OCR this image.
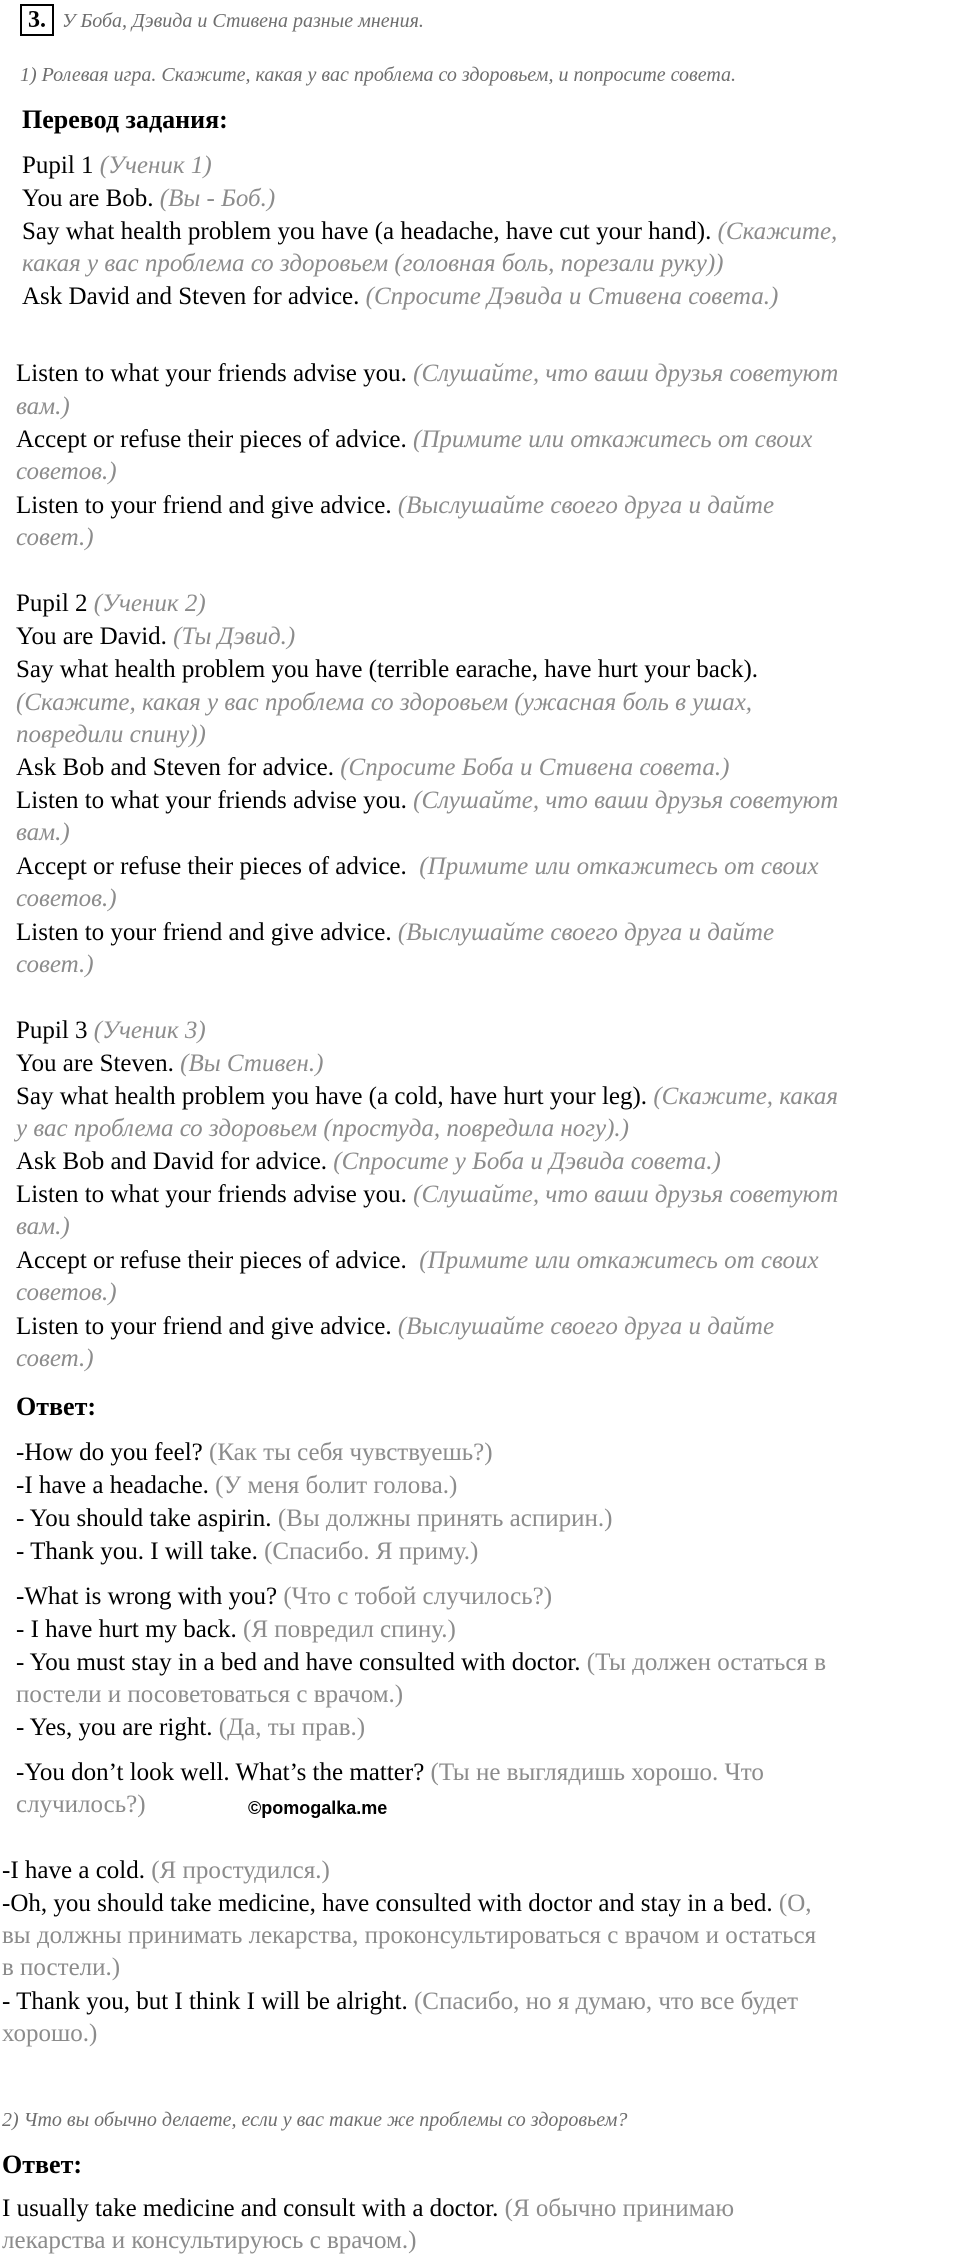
3. У Боба, Дэвида и Стивена разные мнения.
1) Ролевая игра. Скажите, какая у вас проблема со здоровьем, и попросите совета.
Перевод задания:
Pupil 1 (Ученик 1)
You are Bob. (Вы - Боб.)
Say what health problem you have (a headache, have cut your hand). (Скажите,
какая у вас проблема со здоровьем (головная боль, порезали руку))
Ask David and Steven for advice. (Спросите Дэвида и Стивена совета.)
Listen to what your friends advise you. (Слушайте, что ваши друзья советуют
вам.)
Accept or refuse their pieces of advice. (Примите или откажитесь от своих
советов.)
Listen to your friend and give advice. (Выслушайте своего друга и дайте
совет.)
Pupil 2 (Ученик 2)
You are David. (Ты Дэвид.)
Say what health problem you have (terrible earache, have hurt your back).
(Скажите, какая у вас проблема со здоровьем (ужасная боль в ушах,
повредили спину))
Ask Bob and Steven for advice. (Спросите Боба и Стивена совета.)
Listen to what your friends advise you. (Слушайте, что ваши друзья советуют
вам.)
Accept or refuse their pieces of advice. (Примите или откажитесь от своих
советов.)
Listen to your friend and give advice. (Выслушайте своего друга и дайте
совет.)
Pupil 3 (Ученик 3)
You are Steven. (Вы Стивен.)
Say what health problem you have (a cold, have hurt your leg). (Скажите, какая
у вас проблема со здоровьем (простуда, повредила ногу).)
Ask Bob and David for advice. (Спросите у Боба и Дэвида совета.)
Listen to what your friends advise you. (Слушайте, что ваши друзья советуют
вам.)
Accept or refuse their pieces of advice. (Примите или откажитесь от своих
советов.)
Listen to your friend and give advice. (Выслушайте своего друга и дайте
совет.)
Ответ:
-How do you feel? (Как ты себя чувствуешь?)
-I have a headache. (У меня болит голова.)
- You should take aspirin. (Вы должны принять аспирин.)
- Thank you. I will take. (Спасибо. Я приму.)
-What is wrong with you? (Что с тобой случилось?)
- I have hurt my back. (Я повредил спину.)
- You must stay in a bed and have consulted with doctor. (Ты должен остаться в
постели и посоветоваться с врачом.)
- Yes, you are right. (Да, ты прав.)
-You don’t look well. What’s the matter? (Ты не выглядишь хорошо. Что
случилось?)	©pomogalka.me
-I have a cold. (Я простудился.)
-Oh, you should take medicine, have consulted with doctor and stay in a bed. (О,
вы должны принимать лекарства, проконсультироваться с врачом и остаться
в постели.)
- Thank you, but I think I will be alright. (Спасибо, но я думаю, что все будет
хорошо.)
2) Что вы обычно делаете, если у вас такие же проблемы со здоровьем?
Ответ:
I usually take medicine and consult with a doctor. (Я обычно принимаю
лекарства и консультируюсь с врачом.)
